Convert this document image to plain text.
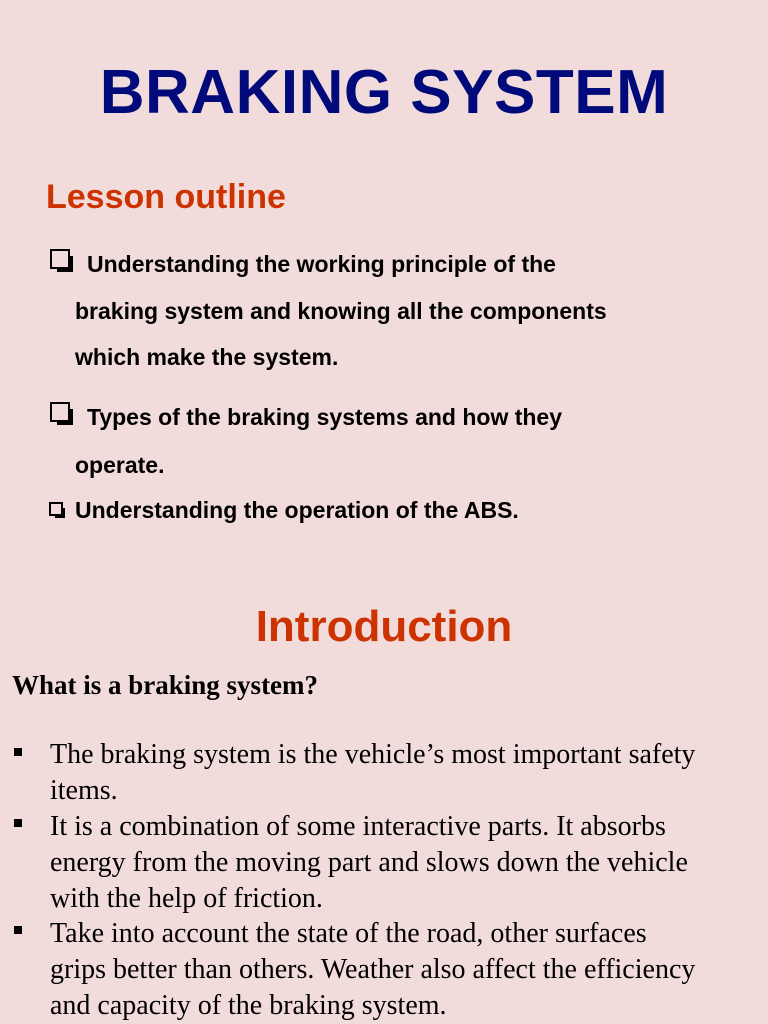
BRAKING SYSTEM
Lesson outline

Understanding the working principle of the

braking system and knowing all the components

which make the system.

Types of the braking systems and how they

operate.

Understanding the operation of the ABS.

Introduction

What is a braking system?

The braking system is the vehicle’s most important safety

items.

It is a combination of some interactive parts. It absorbs

energy from the moving part and slows down the vehicle

with the help of friction.

Take into account the state of the road, other surfaces

grips better than others. Weather also affect the efficiency

and capacity of the braking system.
